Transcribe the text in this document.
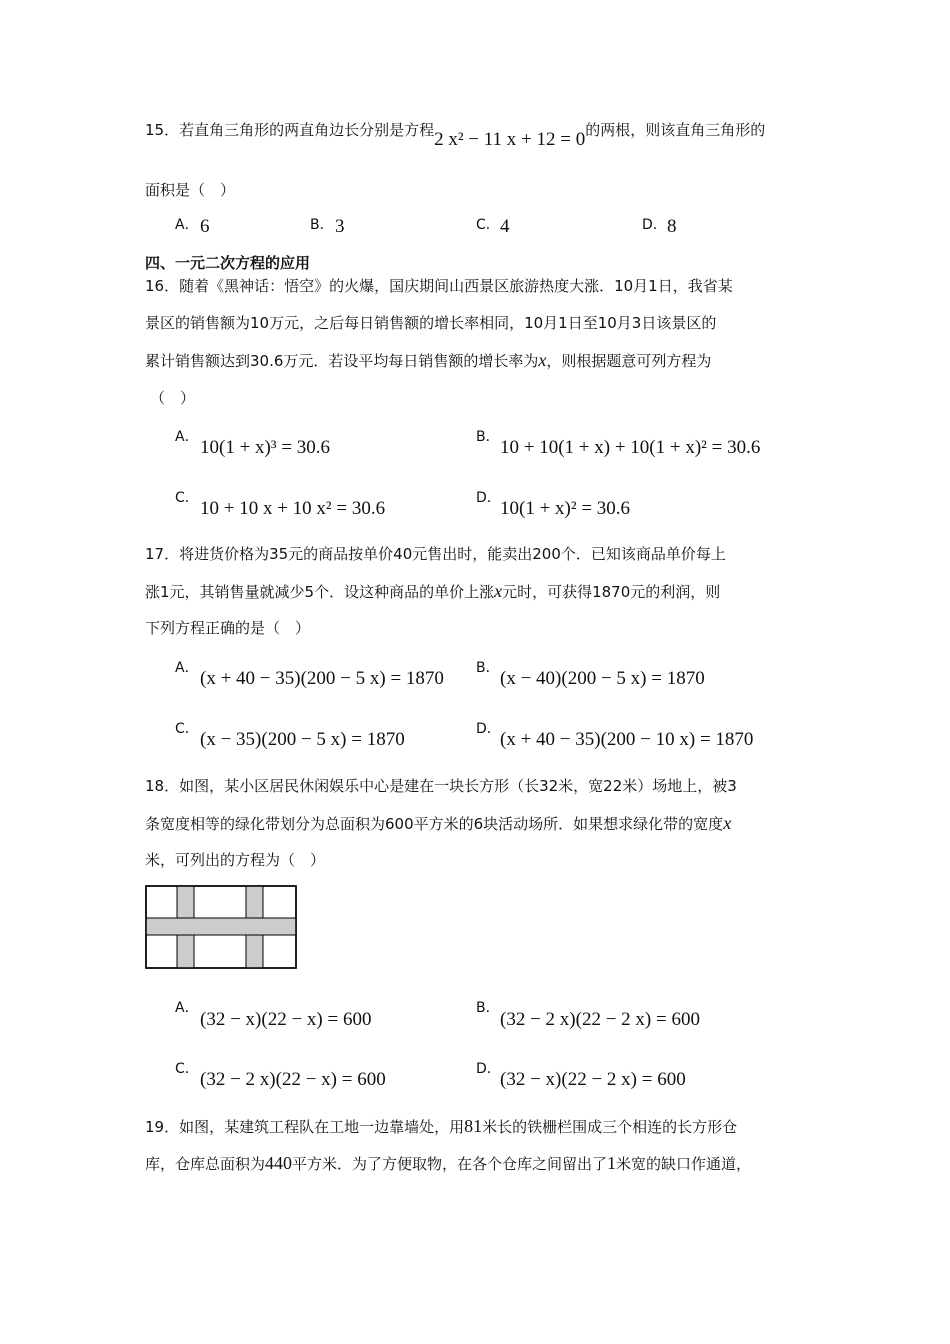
15．若直角三角形的两直角边长分别是方程2 x² − 11 x + 12 = 0的两根，则该直角三角形的
面积是（　）
A． 6	B． 3	C． 4	D． 8
四、一元二次方程的应用
16．随着《黑神话：悟空》的火爆，国庆期间山西景区旅游热度大涨．10月1日，我省某
景区的销售额为10万元，之后每日销售额的增长率相同，10月1日至10月3日该景区的
累计销售额达到30.6万元．若设平均每日销售额的增长率为x，则根据题意可列方程为
（　）
A． 10(1 + x)³ = 30.6	B． 10 + 10(1 + x) + 10(1 + x)² = 30.6
C． 10 + 10 x + 10 x² = 30.6	D． 10(1 + x)² = 30.6
17．将进货价格为35元的商品按单价40元售出时，能卖出200个．已知该商品单价每上
涨1元，其销售量就减少5个．设这种商品的单价上涨x元时，可获得1870元的利润，则
下列方程正确的是（　）
A． (x + 40 − 35)(200 − 5 x) = 1870 B． (x − 40)(200 − 5 x) = 1870
C． (x − 35)(200 − 5 x) = 1870	D． (x + 40 − 35)(200 − 10 x) = 1870
18．如图，某小区居民休闲娱乐中心是建在一块长方形（长32米，宽22米）场地上，被3
条宽度相等的绿化带划分为总面积为600平方米的6块活动场所．如果想求绿化带的宽度x
米，可列出的方程为（　）
A．
(32 − x)(22 − x) = 600
B．
(32 − 2 x)(22 − 2 x) = 600
C． (32 − 2 x)(22 − x) = 600	D． (32 − x)(22 − 2 x) = 600
19．如图，某建筑工程队在工地一边靠墙处，用81米长的铁栅栏围成三个相连的长方形仓
库，仓库总面积为440平方米．为了方便取物，在各个仓库之间留出了1米宽的缺口作通道，
